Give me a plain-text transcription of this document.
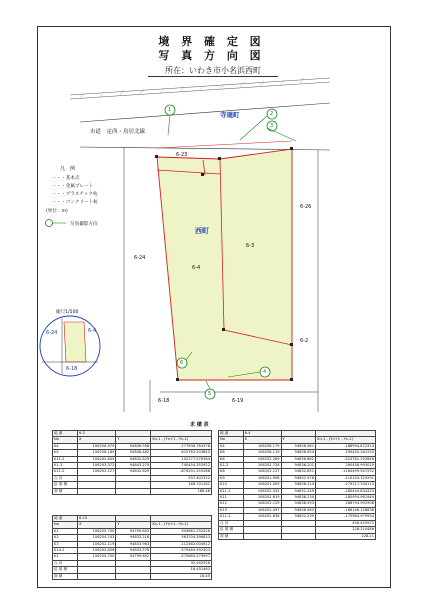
境 界 確 定 図
写 真 方 向 図
所在：いわき市小名浜西町
市道　定西・鳥居北線
寺廻町
西町
6-23
6-3
6-4
6-24
6-26
6-2
6-18	6-19
1
2
3
4
5
6
凡　例
・・・基本点
・・・金属プレート
・・・プラスチック杭
・・・コンクリート杭
(単位：m)
写真撮影方向
縮尺1/500
6-24	6-4
6-18
求 積 表
地 番	6-3		
No	X	Y	Xn-1 - (Yn+1 - Yn-1)
K4	106258.979	94836.958	-777638.784378
K5	106258.189	94848.482	815763.203845
K11-2	106202.844	94832.829	102277.076384
K1-3	106203.372	94843.270	-740454.353922
K11-2	106202.127	94832.629	-874291.255288
合 計			337.402322
倍 面 積			168.701161
面 積			168.46
地 番	6-4		
No	X	Y	Xn-1 - (Yn+1 - Yn-1)
K4	106258.179	94836.961	-188994.872314
K6	106258.119	94836.954	295450.281255
K6	106252.269	94836.862	-524761.292846
K1-2	106202.728	94836.201	260458.993019
K8	106202.127	94832.851	-1164499.547252
K9	106201.958	94832.976	-110154.329291
K10	106201.509	94838.214	-279117.334115
K11-2	106202.532	94832.249	-280444.834223
K11	106202.619	94838.230	-180954.961944
K12	106202.129	94838.593	286794.992908
K13	106202.397	94838.563	-166146.126838
K11-2	106202.836	94832.239	-175964.979934
合 計			456.425972
倍 面 積			228.210486
面 積			228.21
地 番	6-23		
No	X	Y	Xn-1 - (Yn+1 - Yn-1)
K1	106255.700	94799.652	943661.292426
K2	106254.743	94833.216	563704.396623
K3	106252.119	94833.963	-112462.004612
K14-2	106202.856	94833.578	-575463.992303
K1	106255.700	94799.652	-575663.279997
合 計			32.902926
倍 面 積			16.451463
面 積			16.45
